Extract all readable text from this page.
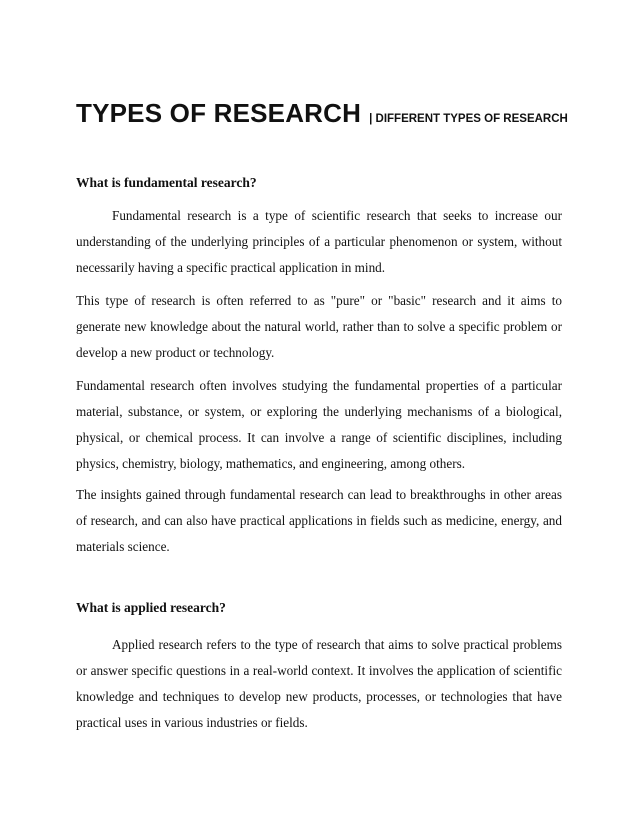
TYPES OF RESEARCH | DIFFERENT TYPES OF RESEARCH
What is fundamental research?

Fundamental research is a type of scientific research that seeks to increase our understanding of the underlying principles of a particular phenomenon or system, without necessarily having a specific practical application in mind.

This type of research is often referred to as "pure" or "basic" research and it aims to generate new knowledge about the natural world, rather than to solve a specific problem or develop a new product or technology.

Fundamental research often involves studying the fundamental properties of a particular material, substance, or system, or exploring the underlying mechanisms of a biological, physical, or chemical process. It can involve a range of scientific disciplines, including physics, chemistry, biology, mathematics, and engineering, among others.

The insights gained through fundamental research can lead to breakthroughs in other areas of research, and can also have practical applications in fields such as medicine, energy, and materials science.

What is applied research?

Applied research refers to the type of research that aims to solve practical problems or answer specific questions in a real-world context. It involves the application of scientific knowledge and techniques to develop new products, processes, or technologies that have practical uses in various industries or fields.
